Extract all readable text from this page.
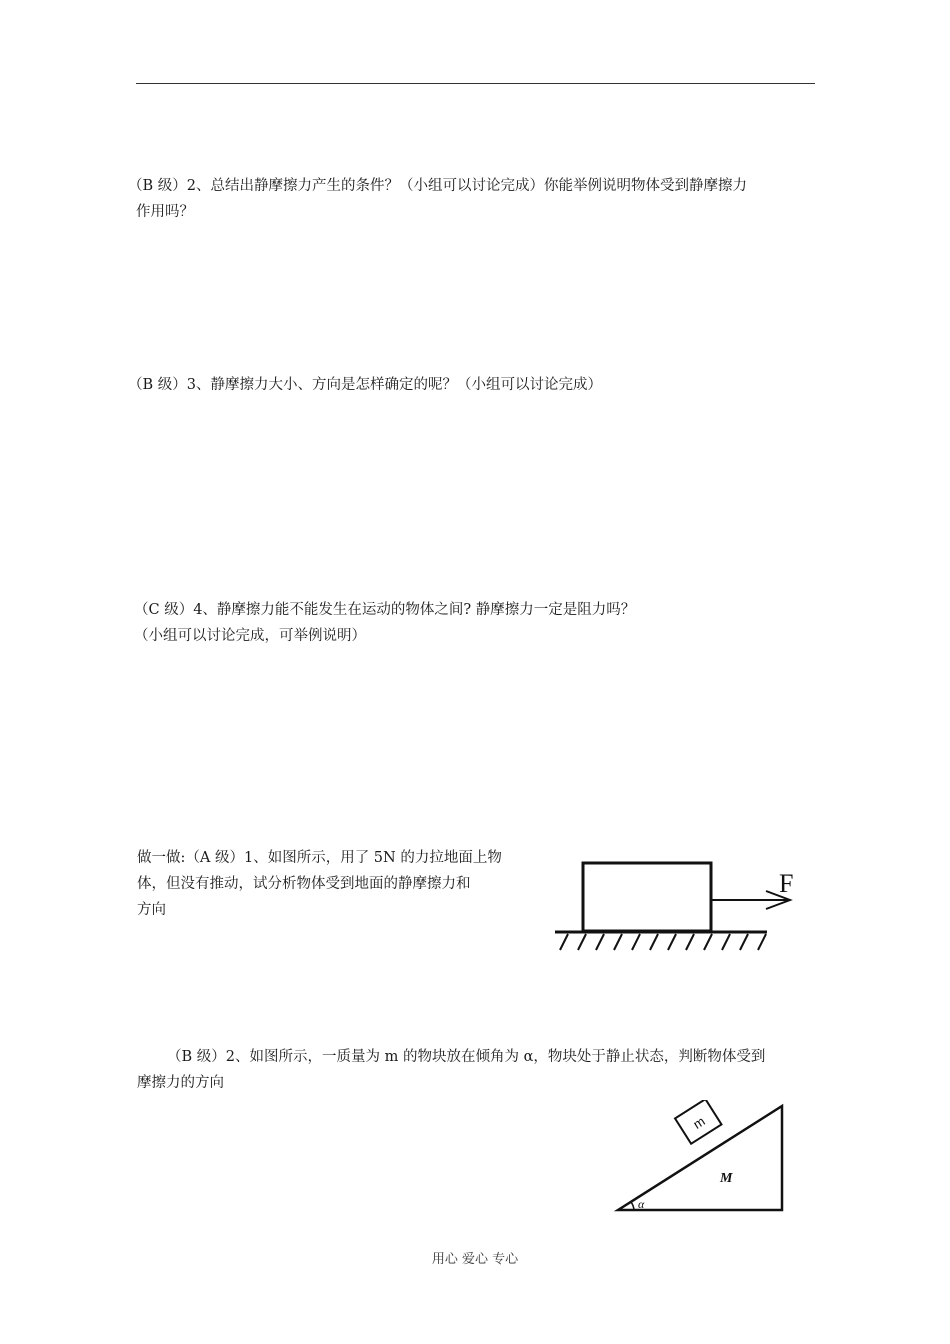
（B 级）2、总结出静摩擦力产生的条件？（小组可以讨论完成）你能举例说明物体受到静摩擦力
作用吗？
（B 级）3、静摩擦力大小、方向是怎样确定的呢？（小组可以讨论完成）
（C 级）4、静摩擦力能不能发生在运动的物体之间? 静摩擦力一定是阻力吗？
（小组可以讨论完成，可举例说明）
做一做:（A 级）1、如图所示，用了 5N 的力拉地面上物
体，但没有推动，试分析物体受到地面的静摩擦力和
方向
F
（B 级）2、如图所示，一质量为 m 的物块放在倾角为 α，物块处于静止状态，判断物体受到
摩擦力的方向
m
M
α
用心 爱心 专心
